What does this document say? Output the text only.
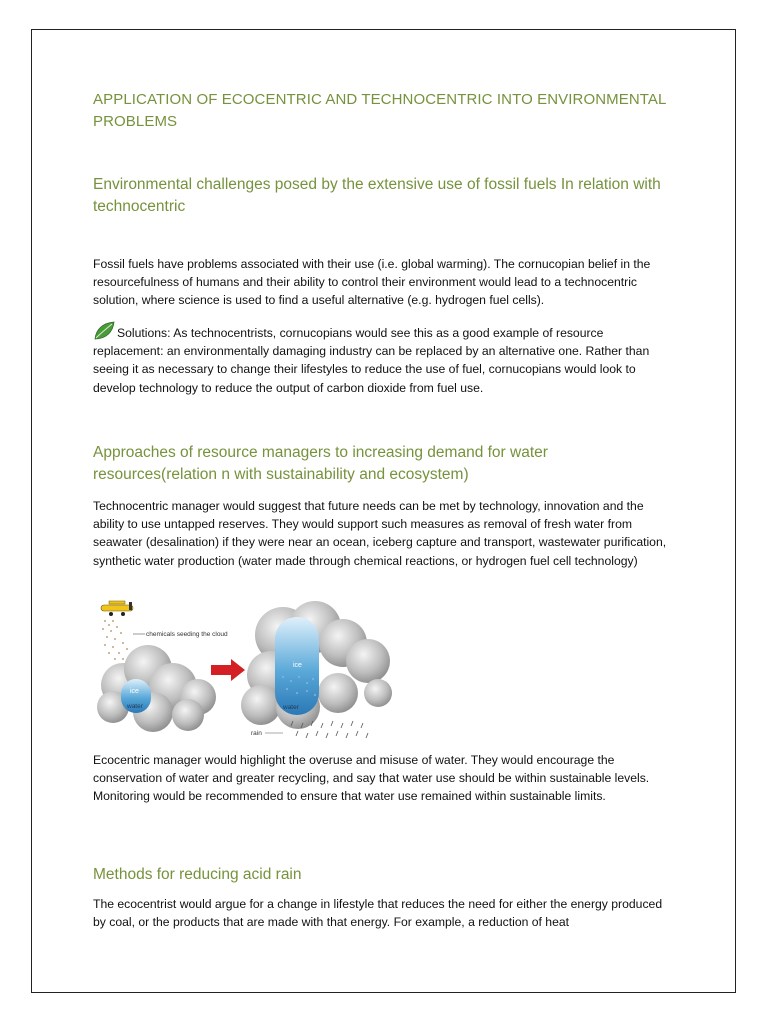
APPLICATION OF ECOCENTRIC AND TECHNOCENTRIC INTO ENVIRONMENTAL PROBLEMS
Environmental challenges posed by the extensive use of fossil fuels In relation with technocentric

Fossil fuels have problems associated with their use (i.e. global warming). The cornucopian belief in the resourcefulness of humans and their ability to control their environment would lead to a technocentric solution, where science is used to find a useful alternative (e.g. hydrogen fuel cells).

Solutions: As technocentrists, cornucopians would see this as a good example of resource replacement: an environmentally damaging industry can be replaced by an alternative one. Rather than seeing it as necessary to change their lifestyles to reduce the use of fuel, cornucopians would look to develop technology to reduce the output of carbon dioxide from fuel use.

Approaches of resource managers to increasing demand for water resources(relation n with sustainability and ecosystem)

Technocentric manager would suggest that future needs can be met by technology, innovation and the ability to use untapped reserves. They would support such measures as removal of fresh water from seawater (desalination) if they were near an ocean, iceberg capture and transport, wastewater purification, synthetic water production (water made through chemical reactions, or hydrogen fuel cell technology)

Ecocentric manager would highlight the overuse and misuse of water. They would encourage the conservation of water and greater recycling, and say that water use should be within sustainable levels. Monitoring would be recommended to ensure that water use remained within sustainable limits.

Methods for reducing acid rain

The ecocentrist would argue for a change in lifestyle that reduces the need for either the energy produced by coal, or the products that are made with that energy. For example, a reduction of heat

chemicals seeding the cloud
ice
water
ice
water
rain
